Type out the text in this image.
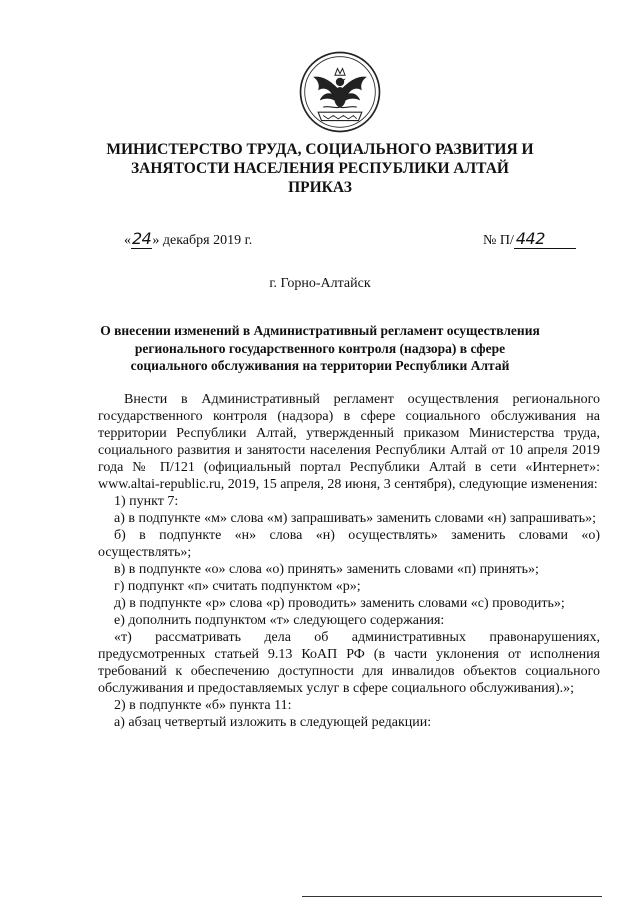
МИНИСТЕРСТВО ТРУДА, СОЦИАЛЬНОГО РАЗВИТИЯ И
ЗАНЯТОСТИ НАСЕЛЕНИЯ РЕСПУБЛИКИ АЛТАЙ
ПРИКАЗ
«24» декабря 2019 г.	№ П/ 442
г. Горно-Алтайск
О внесении изменений в Административный регламент осуществления
регионального государственного контроля (надзора) в сфере
социального обслуживания на территории Республики Алтай

Внести в Административный регламент осуществления регионального государственного контроля (надзора) в сфере социального обслуживания на территории Республики Алтай, утвержденный приказом Министерства труда, социального развития и занятости населения Республики Алтай от 10 апреля 2019 года № П/121 (официальный портал Республики Алтай в сети «Интернет»: www.altai-republic.ru, 2019, 15 апреля, 28 июня, 3 сентября), следующие изменения:

1) пункт 7:

а) в подпункте «м» слова «м) запрашивать» заменить словами «н) запрашивать»;

б) в подпункте «н» слова «н) осуществлять» заменить словами «о) осуществлять»;

в) в подпункте «о» слова «о) принять» заменить словами «п) принять»;

г) подпункт «п» считать подпунктом «р»;

д) в подпункте «р» слова «р) проводить» заменить словами «с) проводить»;

е) дополнить подпунктом «т» следующего содержания:

«т) рассматривать дела об административных правонарушениях, предусмотренных статьей 9.13 КоАП РФ (в части уклонения от исполнения требований к обеспечению доступности для инвалидов объектов социального обслуживания и предоставляемых услуг в сфере социального обслуживания).»;

2) в подпункте «б» пункта 11:

а) абзац четвертый изложить в следующей редакции:
